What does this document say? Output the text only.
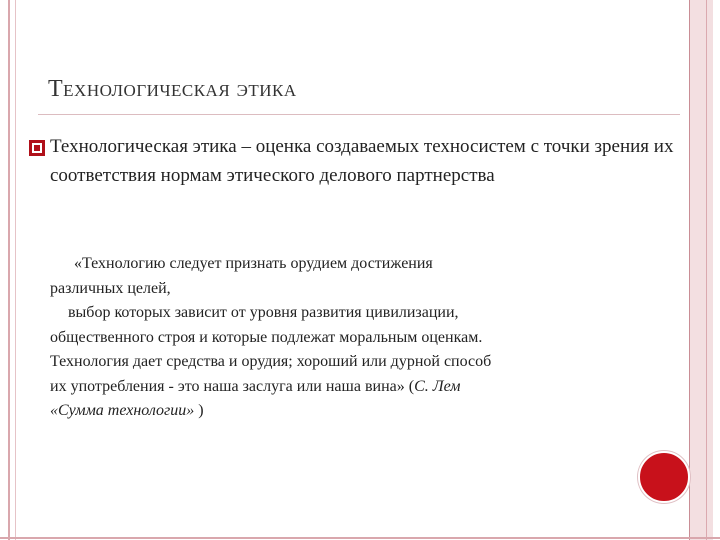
Технологическая этика
Технологическая этика – оценка создаваемых техносистем с точки зрения их соответствия нормам этического делового партнерства
«Технологию следует признать орудием достижения
различных целей,
выбор которых зависит от уровня развития цивилизации,
общественного строя и которые подлежат моральным оценкам.
Технология дает средства и орудия; хороший или дурной способ
их употребления - это наша заслуга или наша вина» (С. Лем
«Сумма технологии» )
